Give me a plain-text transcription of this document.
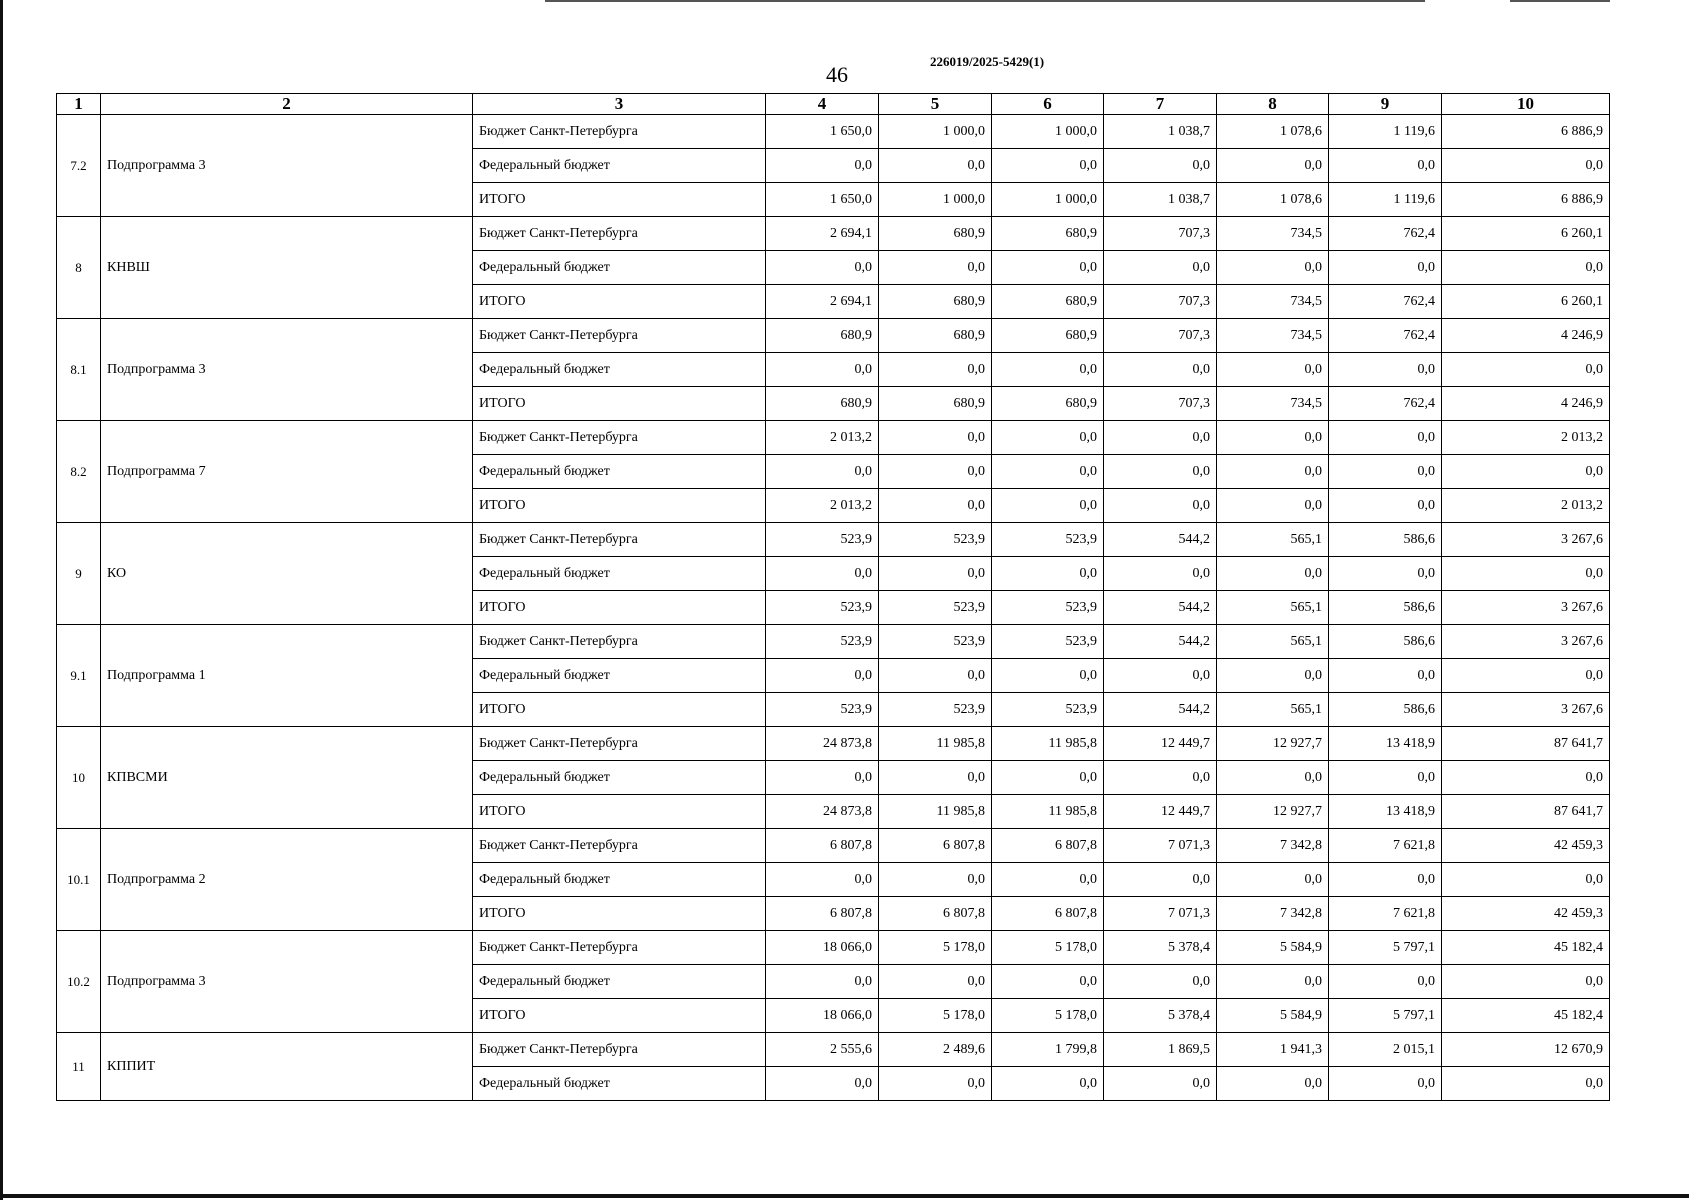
226019/2025-5429(1)
46
1	2	3	4	5	6	7	8	9	10
7.2	Подпрограмма 3	Бюджет Санкт-Петербурга	1 650,0	1 000,0	1 000,0	1 038,7	1 078,6	1 119,6	6 886,9
		Федеральный бюджет	0,0	0,0	0,0	0,0	0,0	0,0	0,0
		ИТОГО	1 650,0	1 000,0	1 000,0	1 038,7	1 078,6	1 119,6	6 886,9
8	КНВШ	Бюджет Санкт-Петербурга	2 694,1	680,9	680,9	707,3	734,5	762,4	6 260,1
		Федеральный бюджет	0,0	0,0	0,0	0,0	0,0	0,0	0,0
		ИТОГО	2 694,1	680,9	680,9	707,3	734,5	762,4	6 260,1
8.1	Подпрограмма 3	Бюджет Санкт-Петербурга	680,9	680,9	680,9	707,3	734,5	762,4	4 246,9
		Федеральный бюджет	0,0	0,0	0,0	0,0	0,0	0,0	0,0
		ИТОГО	680,9	680,9	680,9	707,3	734,5	762,4	4 246,9
8.2	Подпрограмма 7	Бюджет Санкт-Петербурга	2 013,2	0,0	0,0	0,0	0,0	0,0	2 013,2
		Федеральный бюджет	0,0	0,0	0,0	0,0	0,0	0,0	0,0
		ИТОГО	2 013,2	0,0	0,0	0,0	0,0	0,0	2 013,2
9	КО	Бюджет Санкт-Петербурга	523,9	523,9	523,9	544,2	565,1	586,6	3 267,6
		Федеральный бюджет	0,0	0,0	0,0	0,0	0,0	0,0	0,0
		ИТОГО	523,9	523,9	523,9	544,2	565,1	586,6	3 267,6
9.1	Подпрограмма 1	Бюджет Санкт-Петербурга	523,9	523,9	523,9	544,2	565,1	586,6	3 267,6
		Федеральный бюджет	0,0	0,0	0,0	0,0	0,0	0,0	0,0
		ИТОГО	523,9	523,9	523,9	544,2	565,1	586,6	3 267,6
10	КПВСМИ	Бюджет Санкт-Петербурга	24 873,8	11 985,8	11 985,8	12 449,7	12 927,7	13 418,9	87 641,7
		Федеральный бюджет	0,0	0,0	0,0	0,0	0,0	0,0	0,0
		ИТОГО	24 873,8	11 985,8	11 985,8	12 449,7	12 927,7	13 418,9	87 641,7
10.1	Подпрограмма 2	Бюджет Санкт-Петербурга	6 807,8	6 807,8	6 807,8	7 071,3	7 342,8	7 621,8	42 459,3
		Федеральный бюджет	0,0	0,0	0,0	0,0	0,0	0,0	0,0
		ИТОГО	6 807,8	6 807,8	6 807,8	7 071,3	7 342,8	7 621,8	42 459,3
10.2	Подпрограмма 3	Бюджет Санкт-Петербурга	18 066,0	5 178,0	5 178,0	5 378,4	5 584,9	5 797,1	45 182,4
		Федеральный бюджет	0,0	0,0	0,0	0,0	0,0	0,0	0,0
		ИТОГО	18 066,0	5 178,0	5 178,0	5 378,4	5 584,9	5 797,1	45 182,4
11	КППИТ	Бюджет Санкт-Петербурга	2 555,6	2 489,6	1 799,8	1 869,5	1 941,3	2 015,1	12 670,9
		Федеральный бюджет	0,0	0,0	0,0	0,0	0,0	0,0	0,0
